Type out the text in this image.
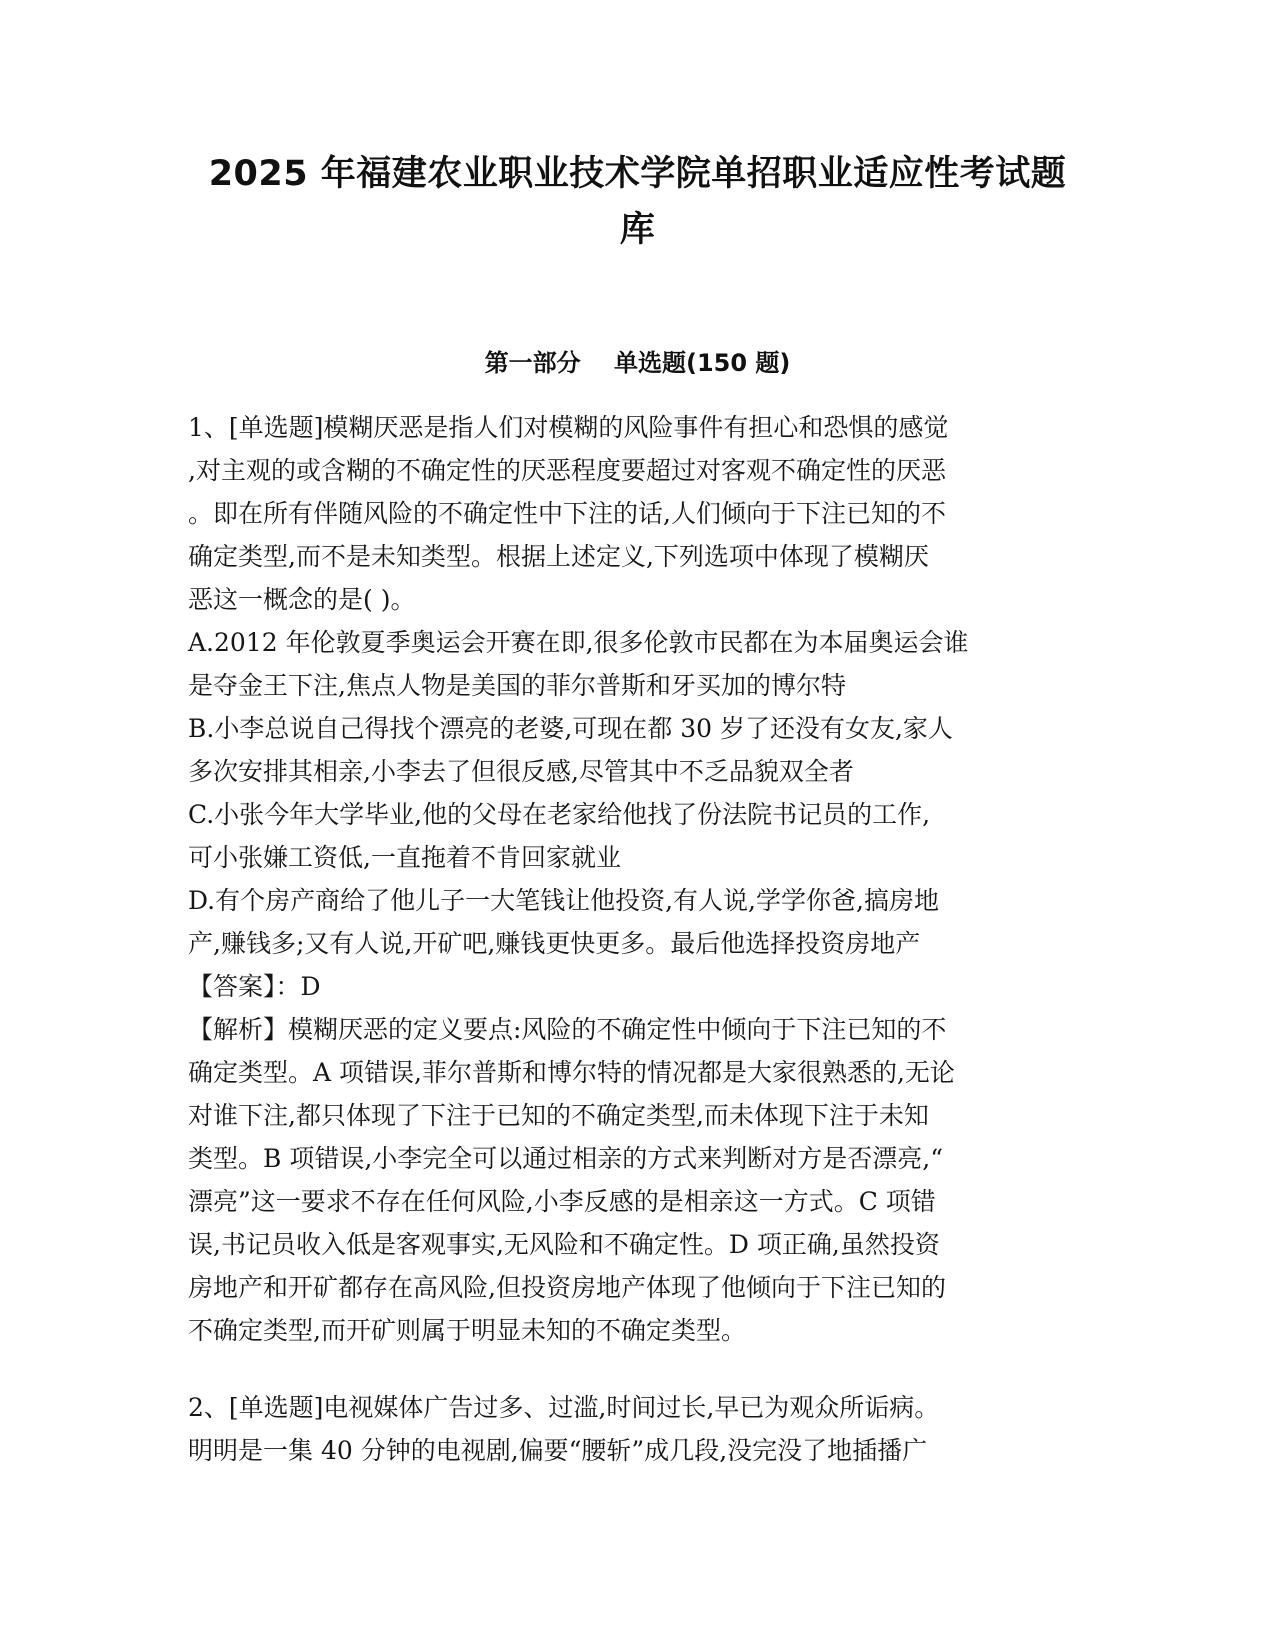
2025 年福建农业职业技术学院单招职业适应性考试题
库
第一部分    单选题(150 题)
1、[单选题]模糊厌恶是指人们对模糊的风险事件有担心和恐惧的感觉
,对主观的或含糊的不确定性的厌恶程度要超过对客观不确定性的厌恶
。即在所有伴随风险的不确定性中下注的话,人们倾向于下注已知的不
确定类型,而不是未知类型。根据上述定义,下列选项中体现了模糊厌
恶这一概念的是( )。
A.2012 年伦敦夏季奥运会开赛在即,很多伦敦市民都在为本届奥运会谁
是夺金王下注,焦点人物是美国的菲尔普斯和牙买加的博尔特
B.小李总说自己得找个漂亮的老婆,可现在都 30 岁了还没有女友,家人
多次安排其相亲,小李去了但很反感,尽管其中不乏品貌双全者
C.小张今年大学毕业,他的父母在老家给他找了份法院书记员的工作,
可小张嫌工资低,一直拖着不肯回家就业
D.有个房产商给了他儿子一大笔钱让他投资,有人说,学学你爸,搞房地
产,赚钱多;又有人说,开矿吧,赚钱更快更多。最后他选择投资房地产
【答案】：D
【解析】模糊厌恶的定义要点:风险的不确定性中倾向于下注已知的不
确定类型。A 项错误,菲尔普斯和博尔特的情况都是大家很熟悉的,无论
对谁下注,都只体现了下注于已知的不确定类型,而未体现下注于未知
类型。B 项错误,小李完全可以通过相亲的方式来判断对方是否漂亮,“
漂亮”这一要求不存在任何风险,小李反感的是相亲这一方式。C 项错
误,书记员收入低是客观事实,无风险和不确定性。D 项正确,虽然投资
房地产和开矿都存在高风险,但投资房地产体现了他倾向于下注已知的
不确定类型,而开矿则属于明显未知的不确定类型。
2、[单选题]电视媒体广告过多、过滥,时间过长,早已为观众所诟病。
明明是一集 40 分钟的电视剧,偏要“腰斩”成几段,没完没了地插播广
